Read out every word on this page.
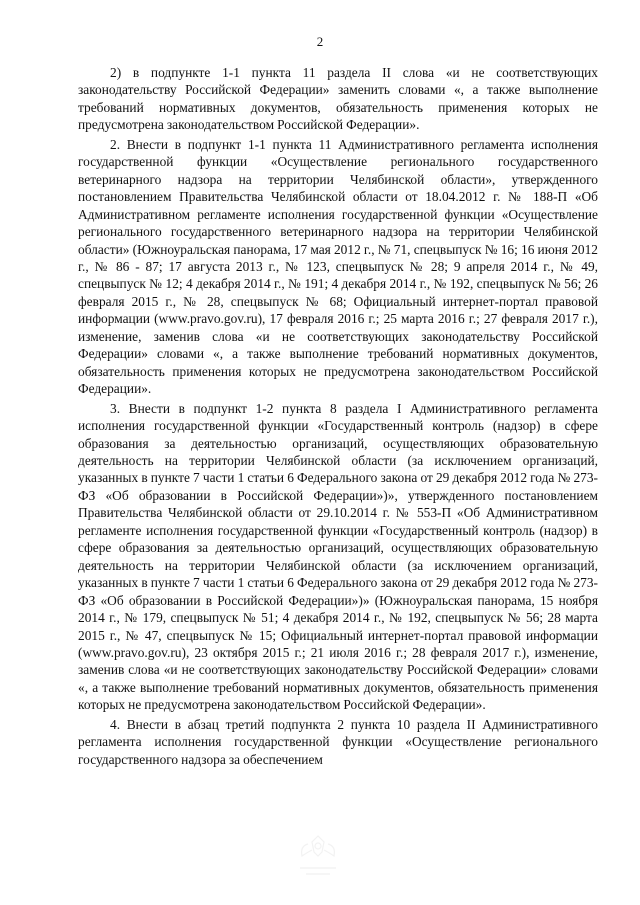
2

2) в подпункте 1-1 пункта 11 раздела II слова «и не соответствующих законодательству Российской Федерации» заменить словами «, а также выполнение требований нормативных документов, обязательность применения которых не предусмотрена законодательством Российской Федерации».

2. Внести в подпункт 1-1 пункта 11 Административного регламента исполнения государственной функции «Осуществление регионального государственного ветеринарного надзора на территории Челябинской области», утвержденного постановлением Правительства Челябинской области от 18.04.2012 г. № 188-П «Об Административном регламенте исполнения государственной функции «Осуществление регионального государственного ветеринарного надзора на территории Челябинской области» (Южноуральская панорама, 17 мая 2012 г., № 71, спецвыпуск № 16; 16 июня 2012 г., № 86 - 87; 17 августа 2013 г., № 123, спецвыпуск № 28; 9 апреля 2014 г., № 49, спецвыпуск № 12; 4 декабря 2014 г., № 191; 4 декабря 2014 г., № 192, спецвыпуск № 56; 26 февраля 2015 г., № 28, спецвыпуск № 68; Официальный интернет-портал правовой информации (www.pravo.gov.ru), 17 февраля 2016 г.; 25 марта 2016 г.; 27 февраля 2017 г.), изменение, заменив слова «и не соответствующих законодательству Российской Федерации» словами «, а также выполнение требований нормативных документов, обязательность применения которых не предусмотрена законодательством Российской Федерации».

3. Внести в подпункт 1-2 пункта 8 раздела I Административного регламента исполнения государственной функции «Государственный контроль (надзор) в сфере образования за деятельностью организаций, осуществляющих образовательную деятельность на территории Челябинской области (за исключением организаций, указанных в пункте 7 части 1 статьи 6 Федерального закона от 29 декабря 2012 года № 273-ФЗ «Об образовании в Российской Федерации»)», утвержденного постановлением Правительства Челябинской области от 29.10.2014 г. № 553-П «Об Административном регламенте исполнения государственной функции «Государственный контроль (надзор) в сфере образования за деятельностью организаций, осуществляющих образовательную деятельность на территории Челябинской области (за исключением организаций, указанных в пункте 7 части 1 статьи 6 Федерального закона от 29 декабря 2012 года № 273-ФЗ «Об образовании в Российской Федерации»)» (Южноуральская панорама, 15 ноября 2014 г., № 179, спецвыпуск № 51; 4 декабря 2014 г., № 192, спецвыпуск № 56; 28 марта 2015 г., № 47, спецвыпуск № 15; Официальный интернет-портал правовой информации (www.pravo.gov.ru), 23 октября 2015 г.; 21 июля 2016 г.; 28 февраля 2017 г.), изменение, заменив слова «и не соответствующих законодательству Российской Федерации» словами «, а также выполнение требований нормативных документов, обязательность применения которых не предусмотрена законодательством Российской Федерации».

4. Внести в абзац третий подпункта 2 пункта 10 раздела II Административного регламента исполнения государственной функции «Осуществление регионального государственного надзора за обеспечением
